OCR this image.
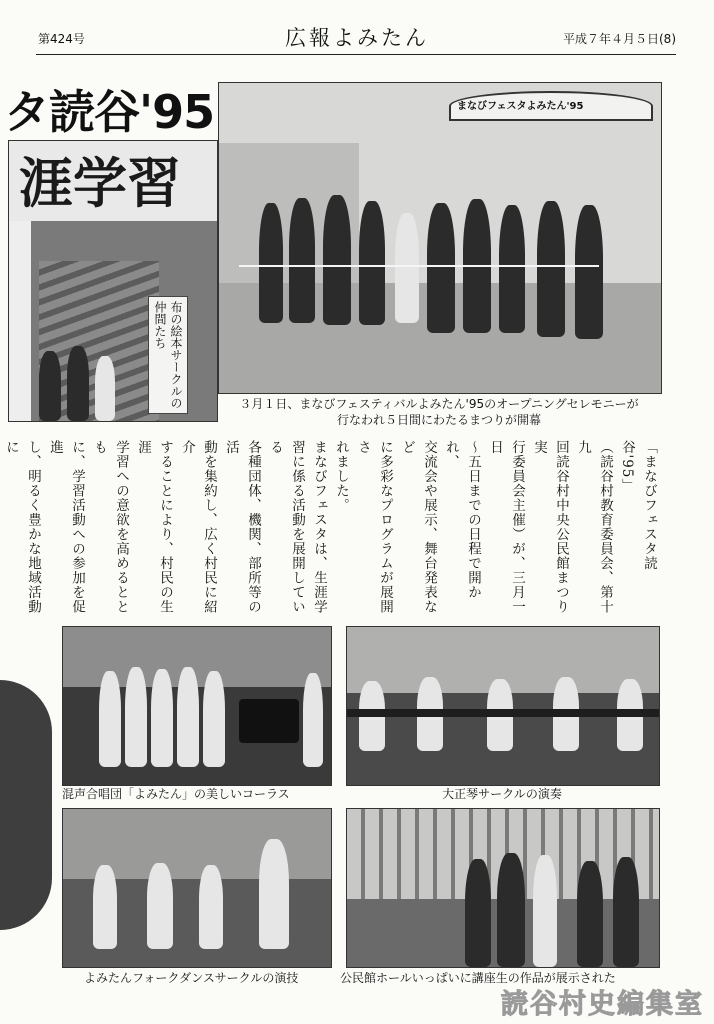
第424号	広報よみたん	平成７年４月５日(8)
タ読谷'95
涯学習
布の絵本サークルの仲間たち
まなびフェスタよみたん'95
３月１日、まなびフェスティバルよみたん'95のオープニングセレモニーが
行なわれ５日間にわたるまつりが開幕
「まなびフェスタ読谷'95」
（読谷村教育委員会、第十九
回読谷村中央公民館まつり実
行委員会主催）が、三月一日
〜五日までの日程で開かれ、
交流会や展示、舞台発表など
に多彩なプログラムが展開さ
れました。
まなびフェスタは、生涯学
習に係る活動を展開している
各種団体、機関、部所等の活
動を集約し、広く村民に紹介
することにより、村民の生涯
学習への意欲を高めるととも
に、学習活動への参加を促進
し、明るく豊かな地域活動に

混声合唱団「よみたん」の美しいコーラス	大正琴サークルの演奏
よみたんフォークダンスサークルの演技	公民館ホールいっぱいに講座生の作品が展示された
読谷村史編集室
